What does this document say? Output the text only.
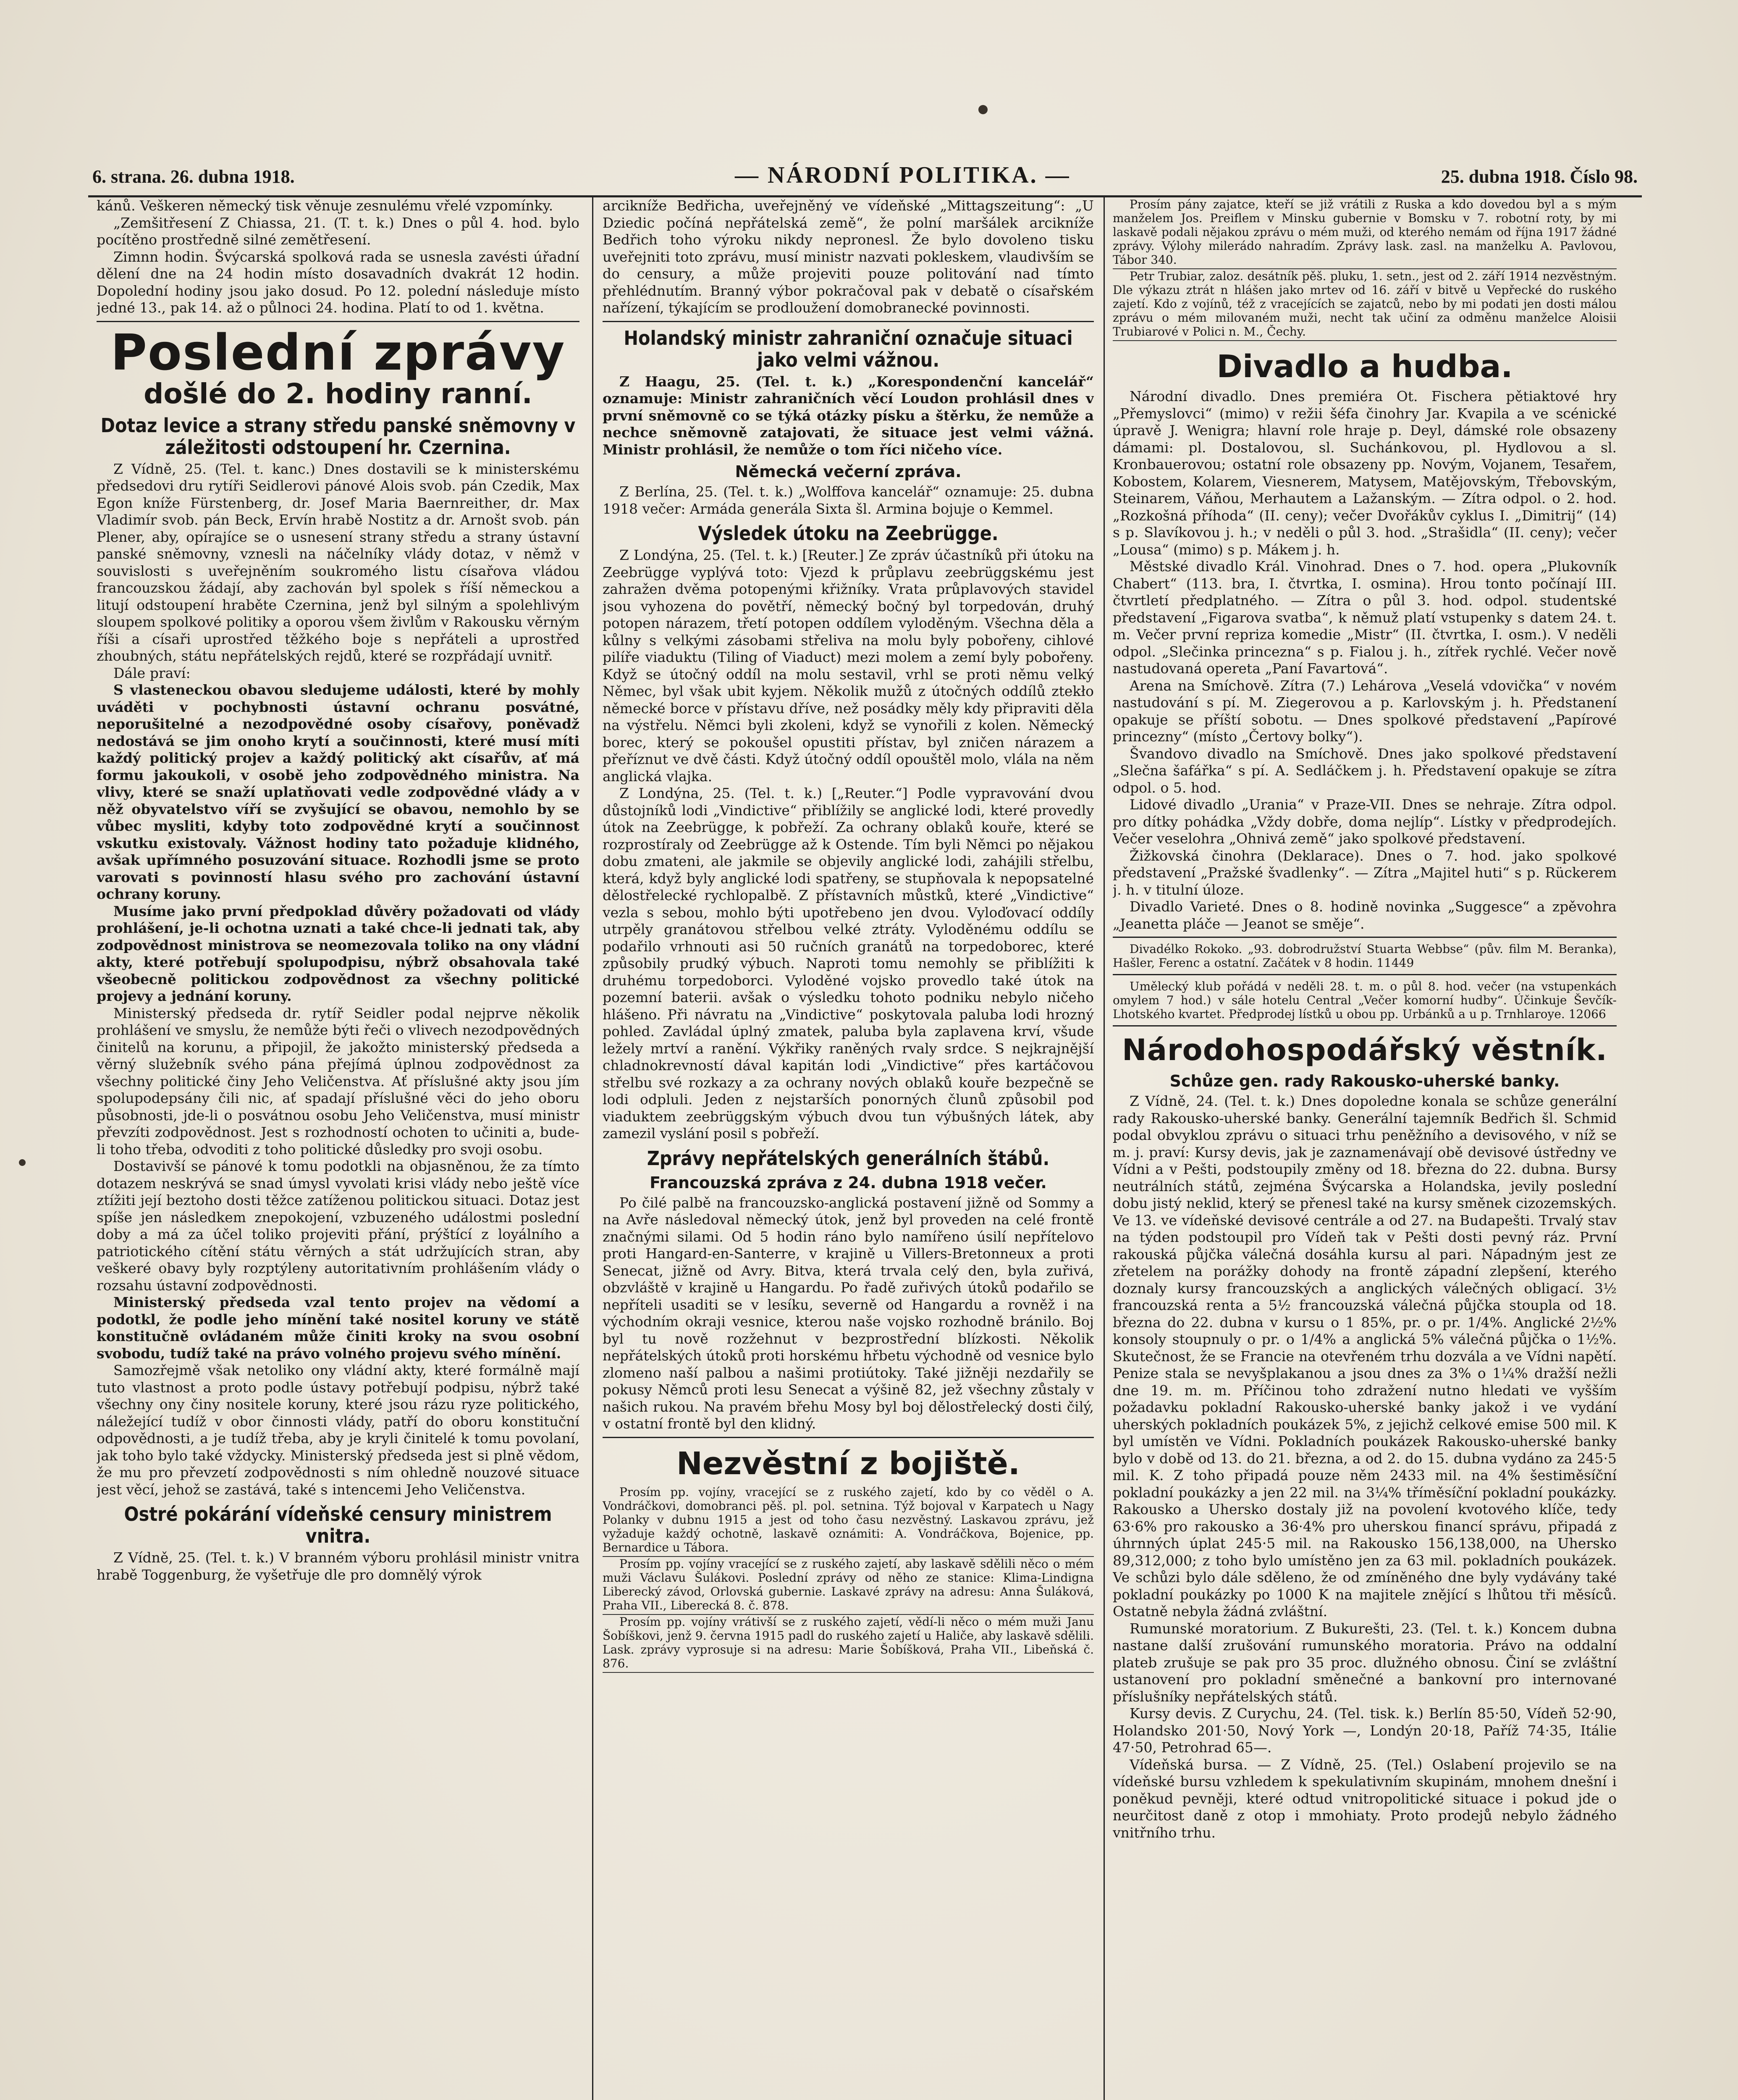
6. strana. 26. dubna 1918.	— NÁRODNÍ POLITIKA. —	25. dubna 1918. Číslo 98.

kánů. Veškeren německý tisk věnuje zesnulému vřelé vzpomínky.

„Zemšitřesení Z Chiassa, 21. (T. t. k.) Dnes o půl 4. hod. bylo pocítěno prostředně silné zemětřesení.

Zimnn hodin. Švýcarská spolková rada se usnesla zavésti úřadní dělení dne na 24 hodin místo dosavadních dvakrát 12 hodin. Dopolední hodiny jsou jako dosud. Po 12. polední následuje místo jedné 13., pak 14. až o půlnoci 24. hodina. Platí to od 1. května.

Poslední zprávy
došlé do 2. hodiny ranní.
Dotaz levice a strany středu panské sněmovny v záležitosti odstoupení hr. Czernina.

Z Vídně, 25. (Tel. t. kanc.) Dnes dostavili se k ministerskému předsedovi dru rytíři Seidlerovi pánové Alois svob. pán Czedik, Max Egon kníže Fürstenberg, dr. Josef Maria Baernreither, dr. Max Vladimír svob. pán Beck, Ervín hrabě Nostitz a dr. Arnošt svob. pán Plener, aby, opírajíce se o usnesení strany středu a strany ústavní panské sněmovny, vznesli na náčelníky vlády dotaz, v němž v souvislosti s uveřejněním soukromého listu císařova vládou francouzskou žádají, aby zachován byl spolek s říší německou a litují odstoupení hraběte Czernina, jenž byl silným a spolehlivým sloupem spolkové politiky a oporou všem živlům v Rakousku věrným říši a císaři uprostřed těžkého boje s nepřáteli a uprostřed zhoubných, státu nepřátelských rejdů, které se rozpřádají uvnitř.

Dále praví:

S vlasteneckou obavou sledujeme události, které by mohly uváděti v pochybnosti ústavní ochranu posvátné, neporušitelné a nezodpovědné osoby císařovy, poněvadž nedostává se jim onoho krytí a součinnosti, které musí míti každý politický projev a každý politický akt císařův, ať má formu jakoukoli, v osobě jeho zodpovědného ministra. Na vlivy, které se snaží uplatňovati vedle zodpovědné vlády a v něž obyvatelstvo víří se zvyšující se obavou, nemohlo by se vůbec mysliti, kdyby toto zodpovědné krytí a součinnost vskutku existovaly. Vážnost hodiny tato požaduje klidného, avšak upřímného posuzování situace. Rozhodli jsme se proto varovati s povinností hlasu svého pro zachování ústavní ochrany koruny.

Musíme jako první předpoklad důvěry požadovati od vlády prohlášení, je-li ochotna uznati a také chce-li jednati tak, aby zodpovědnost ministrova se neomezovala toliko na ony vládní akty, které potřebují spolupodpisu, nýbrž obsahovala také všeobecně politickou zodpovědnost za všechny politické projevy a jednání koruny.

Ministerský předseda dr. rytíř Seidler podal nejprve několik prohlášení ve smyslu, že nemůže býti řeči o vlivech nezodpovědných činitelů na korunu, a připojil, že jakožto ministerský předseda a věrný služebník svého pána přejímá úplnou zodpovědnost za všechny politické činy Jeho Veličenstva. Ať příslušné akty jsou jím spolupodepsány čili nic, ať spadají příslušné věci do jeho oboru působnosti, jde-li o posvátnou osobu Jeho Veličenstva, musí ministr převzíti zodpovědnost. Jest s rozhodností ochoten to učiniti a, bude-li toho třeba, odvoditi z toho politické důsledky pro svoji osobu.

Dostavivší se pánové k tomu podotkli na objasněnou, že za tímto dotazem neskrývá se snad úmysl vyvolati krisi vlády nebo ještě více ztížiti její beztoho dosti těžce zatíženou politickou situaci. Dotaz jest spíše jen následkem znepokojení, vzbuzeného událostmi poslední doby a má za účel toliko projeviti přání, prýštící z loyálního a patriotického cítění státu věrných a stát udržujících stran, aby veškeré obavy byly rozptýleny autoritativním prohlášením vlády o rozsahu ústavní zodpovědnosti.

Ministerský předseda vzal tento projev na vědomí a podotkl, že podle jeho mínění také nositel koruny ve státě konstitučně ovládaném může činiti kroky na svou osobní svobodu, tudíž také na právo volného projevu svého mínění.

Samozřejmě však netoliko ony vládní akty, které formálně mají tuto vlastnost a proto podle ústavy potřebují podpisu, nýbrž také všechny ony činy nositele koruny, které jsou rázu ryze politického, náležející tudíž v obor činnosti vlády, patří do oboru konstituční odpovědnosti, a je tudíž třeba, aby je kryli činitelé k tomu povolaní, jak toho bylo také vždycky. Ministerský předseda jest si plně vědom, že mu pro převzetí zodpovědnosti s ním ohledně nouzové situace jest věcí, jehož se zastává, také s intencemi Jeho Veličenstva.

Ostré pokárání vídeňské censury ministrem vnitra.

Z Vídně, 25. (Tel. t. k.) V branném výboru prohlásil ministr vnitra hrabě Toggenburg, že vyšetřuje dle pro domnělý výrok

arcikníže Bedřicha, uveřejněný ve vídeňské „Mittagszeitung“: „U Dziedic počíná nepřátelská země“, že polní maršálek arcikníže Bedřich toho výroku nikdy nepronesl. Že bylo dovoleno tisku uveřejniti toto zprávu, musí ministr nazvati pokleskem, vlaudivším se do censury, a může projeviti pouze politování nad tímto přehlédnutím. Branný výbor pokračoval pak v debatě o císařském nařízení, týkajícím se prodloužení domobranecké povinnosti.

Holandský ministr zahraniční označuje situaci jako velmi vážnou.

Z Haagu, 25. (Tel. t. k.) „Korespondenční kancelář“ oznamuje: Ministr zahraničních věcí Loudon prohlásil dnes v první sněmovně co se týká otázky písku a štěrku, že nemůže a nechce sněmovně zatajovati, že situace jest velmi vážná. Ministr prohlásil, že nemůže o tom říci ničeho více.

Německá večerní zpráva.

Z Berlína, 25. (Tel. t. k.) „Wolffova kancelář“ oznamuje: 25. dubna 1918 večer: Armáda generála Sixta šl. Armina bojuje o Kemmel.

Výsledek útoku na Zeebrügge.

Z Londýna, 25. (Tel. t. k.) [Reuter.] Ze zpráv účastníků při útoku na Zeebrügge vyplývá toto: Vjezd k průplavu zeebrüggskému jest zahražen dvěma potopenými křižníky. Vrata průplavových stavidel jsou vyhozena do povětří, německý bočný byl torpedován, druhý potopen nárazem, třetí potopen oddílem vyloděným. Všechna děla a kůlny s velkými zásobami střeliva na molu byly pobořeny, cihlové pilíře viaduktu (Tiling of Viaduct) mezi molem a zemí byly pobořeny. Když se útočný oddíl na molu sestavil, vrhl se proti němu velký Němec, byl však ubit kyjem. Několik mužů z útočných oddílů ztekło německé borce v přístavu dříve, než posádky měly kdy připraviti děla na výstřelu. Němci byli zkoleni, když se vynořili z kolen. Německý borec, který se pokoušel opustiti přístav, byl zničen nárazem a přeříznut ve dvě části. Když útočný oddíl opouštěl molo, vlála na něm anglická vlajka.

Z Londýna, 25. (Tel. t. k.) [„Reuter.“] Podle vypravování dvou důstojníků lodi „Vindictive“ přiblížily se anglické lodi, které provedly útok na Zeebrügge, k pobřeží. Za ochrany oblaků kouře, které se rozprostíraly od Zeebrügge až k Ostende. Tím byli Němci po nějakou dobu zmateni, ale jakmile se objevily anglické lodi, zahájili střelbu, která, když byly anglické lodi spatřeny, se stupňovala k nepopsatelné dělostřelecké rychlopalbě. Z přístavních můstků, které „Vindictive“ vezla s sebou, mohlo býti upotřebeno jen dvou. Vyloďovací oddíly utrpěly granátovou střelbou velké ztráty. Vyloděnému oddílu se podařilo vrhnouti asi 50 ručních granátů na torpedoborec, které způsobily prudký výbuch. Naproti tomu nemohly se přiblížiti k druhému torpedoborci. Vyloděné vojsko provedlo také útok na pozemní baterii. avšak o výsledku tohoto podniku nebylo ničeho hlášeno. Při návratu na „Vindictive“ poskytovala paluba lodi hrozný pohled. Zavládal úplný zmatek, paluba byla zaplavena krví, všude ležely mrtví a ranění. Výkřiky raněných rvaly srdce. S nejkrajnější chladnokrevností dával kapitán lodi „Vindictive“ přes kartáčovou střelbu své rozkazy a za ochrany nových oblaků kouře bezpečně se lodi odpluli. Jeden z nejstarších ponorných člunů způsobil pod viaduktem zeebrüggským výbuch dvou tun výbušných látek, aby zamezil vyslání posil s pobřeží.

Zprávy nepřátelských generálních štábů.
Francouzská zpráva z 24. dubna 1918 večer.

Po čilé palbě na francouzsko-anglická postavení jižně od Sommy a na Avře následoval německý útok, jenž byl proveden na celé frontě značnými silami. Od 5 hodin ráno bylo namířeno úsilí nepřítelovo proti Hangard-en-Santerre, v krajině u Villers-Bretonneux a proti Senecat, jižně od Avry. Bitva, která trvala celý den, byla zuřivá, obzvláště v krajině u Hangardu. Po řadě zuřivých útoků podařilo se nepříteli usaditi se v lesíku, severně od Hangardu a rovněž i na východním okraji vesnice, kterou naše vojsko rozhodně bránilo. Boj byl tu nově rozžehnut v bezprostřední blízkosti. Několik nepřátelských útoků proti horskému hřbetu východně od vesnice bylo zlomeno naší palbou a našimi protiútoky. Také jižněji nezdařily se pokusy Němců proti lesu Senecat a výšině 82, jež všechny zůstaly v našich rukou. Na pravém břehu Mosy byl boj dělostřelecký dosti čilý, v ostatní frontě byl den klidný.

Nezvěstní z bojiště.

Prosím pp. vojíny, vracející se z ruského zajetí, kdo by co věděl o A. Vondráčkovi, domobranci pěš. pl. pol. setnina. Týž bojoval v Karpatech u Nagy Polanky v dubnu 1915 a jest od toho času nezvěstný. Laskavou zprávu, jež vyžaduje každý ochotně, laskavě oznámiti: A. Vondráčkova, Bojenice, pp. Bernardice u Tábora.

Prosím pp. vojíny vracející se z ruského zajetí, aby laskavě sdělili něco o mém muži Václavu Šulákovi. Poslední zprávy od něho ze stanice: Klima-Lindigna Liberecký závod, Orlovská gubernie. Laskavé zprávy na adresu: Anna Šuláková, Praha VII., Liberecká 8. č. 878.

Prosím pp. vojíny vrátivší se z ruského zajetí, vědí-li něco o mém muži Janu Šobíškovi, jenž 9. června 1915 padl do ruského zajetí u Haliče, aby laskavě sdělili. Lask. zprávy vyprosuje si na adresu: Marie Šobíšková, Praha VII., Libeňská č. 876.

Prosím pány zajatce, kteří se již vrátili z Ruska a kdo dovedou byl a s mým manželem Jos. Preiflem v Minsku gubernie v Bomsku v 7. robotní roty, by mi laskavě podali nějakou zprávu o mém muži, od kterého nemám od října 1917 žádné zprávy. Výlohy milerádo nahradím. Zprávy lask. zasl. na manželku A. Pavlovou, Tábor 340.

Petr Trubiar, zaloz. desátník pěš. pluku, 1. setn., jest od 2. září 1914 nezvěstným. Dle výkazu ztrát n hlášen jako mrtev od 16. září v bitvě u Vepřecké do ruského zajetí. Kdo z vojínů, též z vracejících se zajatců, nebo by mi podati jen dosti málou zprávu o mém milovaném muži, necht tak učiní za odměnu manželce Aloisii Trubiarové v Polici n. M., Čechy.

Divadlo a hudba.

Národní divadlo. Dnes premiéra Ot. Fischera pětiaktové hry „Přemyslovci“ (mimo) v režii šéfa činohry Jar. Kvapila a ve scénické úpravě J. Wenigra; hlavní role hraje p. Deyl, dámské role obsazeny dámami: pl. Dostalovou, sl. Suchánkovou, pl. Hydlovou a sl. Kronbauerovou; ostatní role obsazeny pp. Novým, Vojanem, Tesařem, Kobostem, Kolarem, Viesnerem, Matysem, Matějovským, Třebovským, Steinarem, Váňou, Merhautem a Lažanským. — Zítra odpol. o 2. hod. „Rozkošná příhoda“ (II. ceny); večer Dvořákův cyklus I. „Dimitrij“ (14) s p. Slavíkovou j. h.; v neděli o půl 3. hod. „Strašidla“ (II. ceny); večer „Lousa“ (mimo) s p. Mákem j. h.

Městské divadlo Král. Vinohrad. Dnes o 7. hod. opera „Plukovník Chabert“ (113. bra, I. čtvrtka, I. osmina). Hrou tonto počínají III. čtvrtletí předplatného. — Zítra o půl 3. hod. odpol. studentské představení „Figarova svatba“, k němuž platí vstupenky s datem 24. t. m. Večer první repriza komedie „Mistr“ (II. čtvrtka, I. osm.). V neděli odpol. „Slečinka princezna“ s p. Fialou j. h., zítřek rychlé. Večer nově nastudovaná opereta „Paní Favartová“.

Arena na Smíchově. Zítra (7.) Lehárova „Veselá vdovička“ v novém nastudování s pí. M. Ziegerovou a p. Karlovským j. h. Předstanení opakuje se příští sobotu. — Dnes spolkové představení „Papírové princezny“ (místo „Čertovy bolky“).

Švandovo divadlo na Smíchově. Dnes jako spolkové představení „Slečna šafářka“ s pí. A. Sedláčkem j. h. Představení opakuje se zítra odpol. o 5. hod.

Lidové divadlo „Urania“ v Praze-VII. Dnes se nehraje. Zítra odpol. pro dítky pohádka „Vždy dobře, doma nejlíp“. Lístky v předprodejích. Večer veselohra „Ohnivá země“ jako spolkové představení.

Žižkovská činohra (Deklarace). Dnes o 7. hod. jako spolkové představení „Pražské švadlenky“. — Zítra „Majitel huti“ s p. Rückerem j. h. v titulní úloze.

Divadlo Varieté. Dnes o 8. hodině novinka „Suggesce“ a zpěvohra „Jeanetta pláče — Jeanot se směje“.

Divadélko Rokoko. „93. dobrodružství Stuarta Webbse“ (pův. film M. Beranka), Hašler, Ferenc a ostatní. Začátek v 8 hodin. 11449

Umělecký klub pořádá v neděli 28. t. m. o půl 8. hod. večer (na vstupenkách omylem 7 hod.) v sále hotelu Central „Večer komorní hudby“. Účinkuje Ševčík-Lhotského kvartet. Předprodej lístků u obou pp. Urbánků a u p. Trnhlaroye. 12066

Národohospodářský věstník.
Schůze gen. rady Rakousko-uherské banky.

Z Vídně, 24. (Tel. t. k.) Dnes dopoledne konala se schůze generální rady Rakousko-uherské banky. Generální tajemník Bedřich šl. Schmid podal obvyklou zprávu o situaci trhu peněžního a devisového, v níž se m. j. praví: Kursy devis, jak je zaznamenávají obě devisové ústředny ve Vídni a v Pešti, podstoupily změny od 18. března do 22. dubna. Bursy neutrálních států, zejména Švýcarska a Holandska, jevily poslední dobu jistý neklid, který se přenesl také na kursy směnek cizozemských. Ve 13. ve vídeňské devisové centrále a od 27. na Budapešti. Trvalý stav na týden podstoupil pro Vídeň tak v Pešti dosti pevný ráz. První rakouská půjčka válečná dosáhla kursu al pari. Nápadným jest ze zřetelem na porážky dohody na frontě západní zlepšení, kterého doznaly kursy francouzských a anglických válečných obligací. 3½ francouzská renta a 5½ francouzská válečná půjčka stoupla od 18. března do 22. dubna v kursu o 1 85%, pr. o pr. 1/4%. Anglické 2½% konsoly stoupnuly o pr. o 1/4% a anglická 5% válečná půjčka o 1½%. Skutečnost, že se Francie na otevřeném trhu dozvála a ve Vídni napětí. Penize stala se nevyšplakanou a jsou dnes za 3% o 1¼% dražší nežli dne 19. m. m. Příčinou toho zdražení nutno hledati ve vyšším požadavku pokladní Rakousko-uherské banky jakož i ve vydání uherských pokladních poukázek 5%, z jejichž celkové emise 500 mil. K byl umístěn ve Vídni. Pokladních poukázek Rakousko-uherské banky bylo v době od 13. do 21. března, a od 2. do 15. dubna vydáno za 245·5 mil. K. Z toho připadá pouze něm 2433 mil. na 4% šestiměsíční pokladní poukázky a jen 22 mil. na 3¼% tříměsíční pokladní poukázky. Rakousko a Uhersko dostaly již na povolení kvotového klíče, tedy 63·6% pro rakousko a 36·4% pro uherskou financí správu, připadá z úhrnných úplat 245·5 mil. na Rakousko 156,138,000, na Uhersko 89,312,000; z toho bylo umístěno jen za 63 mil. pokladních poukázek. Ve schůzi bylo dále sděleno, že od zmíněného dne byly vydávány také pokladní poukázky po 1000 K na majitele znějící s lhůtou tři měsíců. Ostatně nebyla žádná zvláštní.

Rumunské moratorium. Z Bukurešti, 23. (Tel. t. k.) Koncem dubna nastane další zrušování rumunského moratoria. Právo na oddalní plateb zrušuje se pak pro 35 proc. dlužného obnosu. Činí se zvláštní ustanovení pro pokladní směnečné a bankovní pro internované příslušníky nepřátelských států.

Kursy devis. Z Curychu, 24. (Tel. tisk. k.) Berlín 85·50, Vídeň 52·90, Holandsko 201·50, Nový York —, Londýn 20·18, Paříž 74·35, Itálie 47·50, Petrohrad 65—.

Vídeňská bursa. — Z Vídně, 25. (Tel.) Oslabení projevilo se na vídeňské bursu vzhledem k spekulativním skupinám, mnohem dnešní i poněkud pevněji, které odtud vnitropolitické situace i pokud jde o neurčitost daně z otop i mmohiaty. Proto prodejů nebylo žádného vnitřního trhu.
